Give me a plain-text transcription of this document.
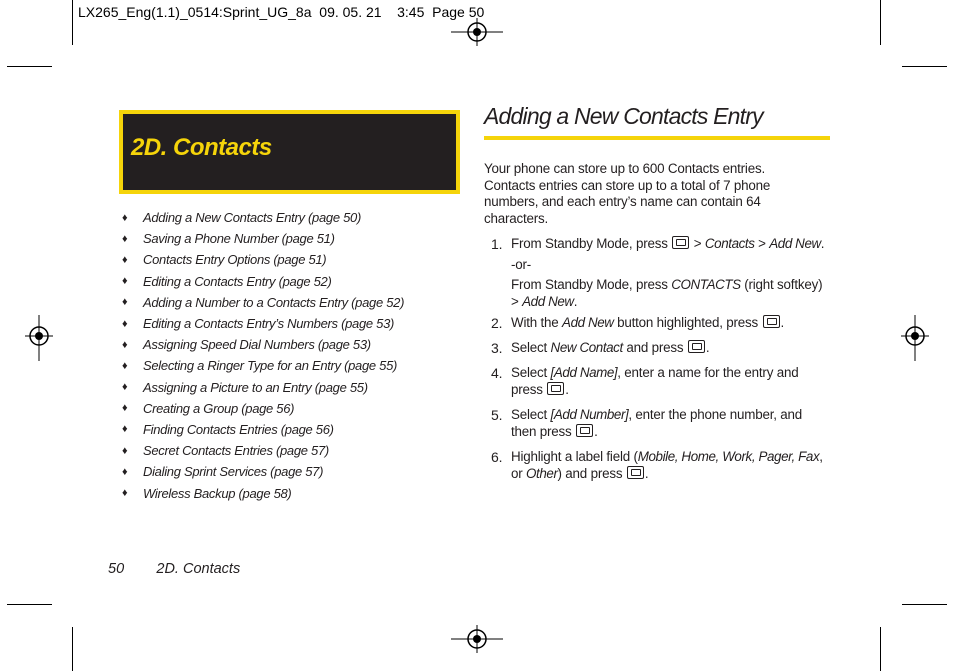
LX265_Eng(1.1)_0514:Sprint_UG_8a  09. 05. 21    3:45  Page 50
2D. Contacts
♦	Adding a New Contacts Entry (page 50)
♦	Saving a Phone Number (page 51)
♦	Contacts Entry Options (page 51)
♦	Editing a Contacts Entry (page 52)
♦	Adding a Number to a Contacts Entry (page 52)
♦	Editing a Contacts Entry’s Numbers (page 53)
♦	Assigning Speed Dial Numbers (page 53)
♦	Selecting a Ringer Type for an Entry (page 55)
♦	Assigning a Picture to an Entry (page 55)
♦	Creating a Group (page 56)
♦	Finding Contacts Entries (page 56)
♦	Secret Contacts Entries (page 57)
♦	Dialing Sprint Services (page 57)
♦	Wireless Backup (page 58)
Adding a New Contacts Entry

Your phone can store up to 600 Contacts entries. Contacts entries can store up to a total of 7 phone numbers, and each entry’s name can contain 64 characters.

1. From Standby Mode, press  > Contacts > Add New.
-or-
From Standby Mode, press CONTACTS (right softkey) > Add New.
2. With the Add New button highlighted, press .
3. Select New Contact and press .
4. Select [Add Name], enter a name for the entry and press .
5. Select [Add Number], enter the phone number, and then press .
6. Highlight a label field (Mobile, Home, Work, Pager, Fax, or Other) and press .
50 2D. Contacts
